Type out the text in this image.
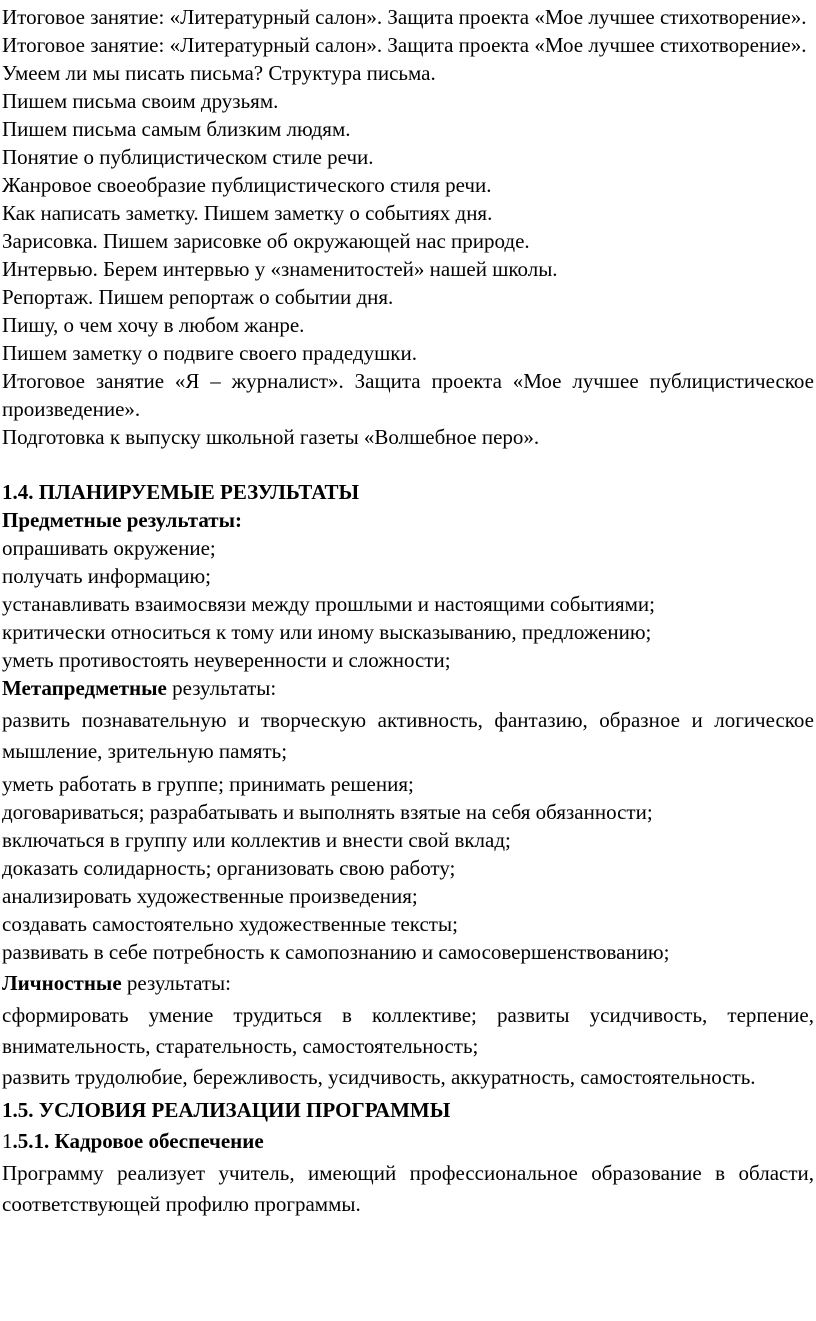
Итоговое занятие: «Литературный салон». Защита проекта «Мое лучшее стихотворение».
Итоговое занятие: «Литературный салон». Защита проекта «Мое лучшее стихотворение».
Умеем ли мы писать письма? Структура письма.
Пишем письма своим друзьям.
Пишем письма самым близким людям.
Понятие о публицистическом стиле речи.
Жанровое своеобразие публицистического стиля речи.
Как написать заметку. Пишем заметку о событиях дня.
Зарисовка. Пишем зарисовке об окружающей нас природе.
Интервью. Берем интервью у «знаменитостей» нашей школы.
Репортаж. Пишем репортаж о событии дня.
Пишу, о чем хочу в любом жанре.
Пишем заметку о подвиге своего прадедушки.
Итоговое занятие «Я – журналист». Защита проекта «Мое лучшее публицистическое произведение».
Подготовка к выпуску школьной газеты «Волшебное перо».
1.4. ПЛАНИРУЕМЫЕ РЕЗУЛЬТАТЫ
Предметные результаты:
опрашивать окружение;
получать информацию;
устанавливать взаимосвязи между прошлыми и настоящими событиями;
критически относиться к тому или иному высказыванию, предложению;
уметь противостоять неуверенности и сложности;
Метапредметные результаты:
развить познавательную и творческую активность, фантазию, образное и логическое мышление, зрительную память;
уметь работать в группе; принимать решения;
договариваться; разрабатывать и выполнять взятые на себя обязанности;
включаться в группу или коллектив и внести свой вклад;
доказать солидарность; организовать свою работу;
анализировать художественные произведения;
создавать самостоятельно художественные тексты;
развивать в себе потребность к самопознанию и самосовершенствованию;
Личностные результаты:
сформировать умение трудиться в коллективе; развиты усидчивость, терпение, внимательность, старательность, самостоятельность;
развить трудолюбие, бережливость, усидчивость, аккуратность, самостоятельность.
1.5. УСЛОВИЯ РЕАЛИЗАЦИИ ПРОГРАММЫ
1.5.1. Кадровое обеспечение
Программу реализует учитель, имеющий профессиональное образование в области, соответствующей профилю программы.
